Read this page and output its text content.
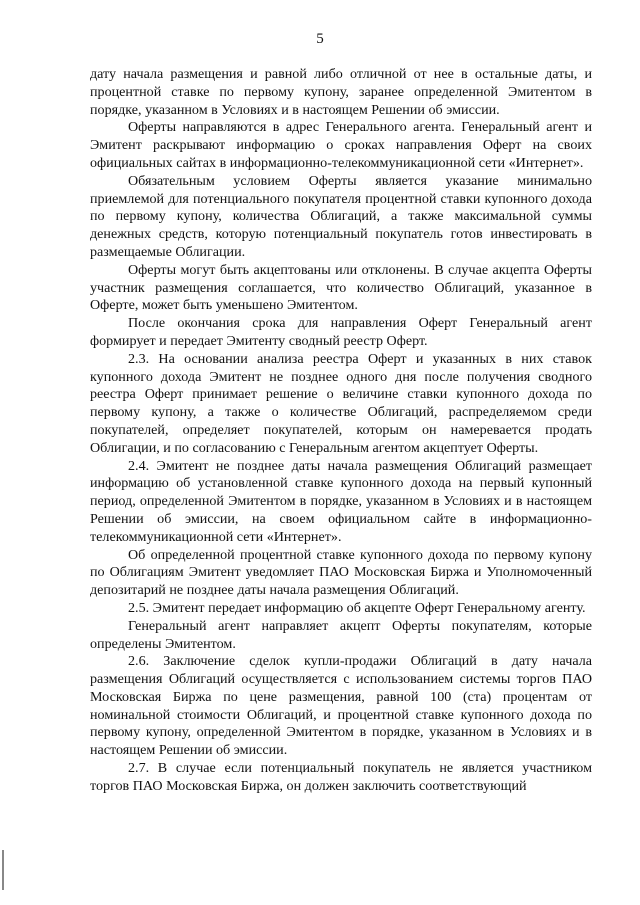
5

дату начала размещения и равной либо отличной от нее в остальные даты, и процентной ставке по первому купону, заранее определенной Эмитентом в порядке, указанном в Условиях и в настоящем Решении об эмиссии.

Оферты направляются в адрес Генерального агента. Генеральный агент и Эмитент раскрывают информацию о сроках направления Оферт на своих официальных сайтах в информационно-телекоммуникационной сети «Интернет».

Обязательным условием Оферты является указание минимально приемлемой для потенциального покупателя процентной ставки купонного дохода по первому купону, количества Облигаций, а также максимальной суммы денежных средств, которую потенциальный покупатель готов инвестировать в размещаемые Облигации.

Оферты могут быть акцептованы или отклонены. В случае акцепта Оферты участник размещения соглашается, что количество Облигаций, указанное в Оферте, может быть уменьшено Эмитентом.

После окончания срока для направления Оферт Генеральный агент формирует и передает Эмитенту сводный реестр Оферт.

2.3. На основании анализа реестра Оферт и указанных в них ставок купонного дохода Эмитент не позднее одного дня после получения сводного реестра Оферт принимает решение о величине ставки купонного дохода по первому купону, а также о количестве Облигаций, распределяемом среди покупателей, определяет покупателей, которым он намеревается продать Облигации, и по согласованию с Генеральным агентом акцептует Оферты.

2.4. Эмитент не позднее даты начала размещения Облигаций размещает информацию об установленной ставке купонного дохода на первый купонный период, определенной Эмитентом в порядке, указанном в Условиях и в настоящем Решении об эмиссии, на своем официальном сайте в информационно-телекоммуникационной сети «Интернет».

Об определенной процентной ставке купонного дохода по первому купону по Облигациям Эмитент уведомляет ПАО Московская Биржа и Уполномоченный депозитарий не позднее даты начала размещения Облигаций.

2.5. Эмитент передает информацию об акцепте Оферт Генеральному агенту.

Генеральный агент направляет акцепт Оферты покупателям, которые определены Эмитентом.

2.6. Заключение сделок купли-продажи Облигаций в дату начала размещения Облигаций осуществляется с использованием системы торгов ПАО Московская Биржа по цене размещения, равной 100 (ста) процентам от номинальной стоимости Облигаций, и процентной ставке купонного дохода по первому купону, определенной Эмитентом в порядке, указанном в Условиях и в настоящем Решении об эмиссии.

2.7. В случае если потенциальный покупатель не является участником торгов ПАО Московская Биржа, он должен заключить соответствующий
